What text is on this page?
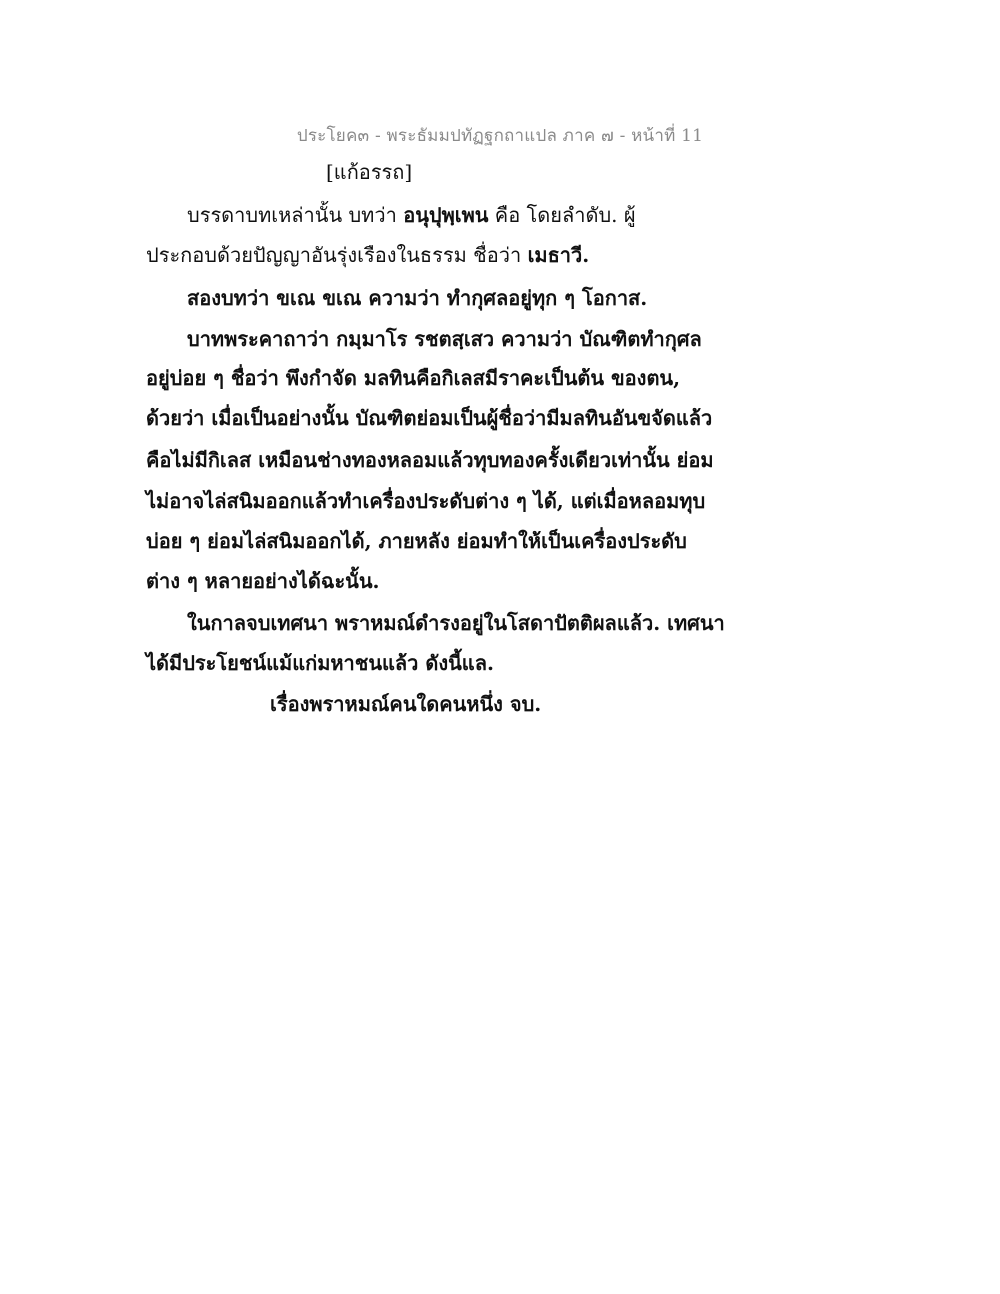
ประโยค๓ - พระธัมมปทัฏฐกถาแปล ภาค ๗ - หน้าที่ 11
[แก้อรรถ]
บรรดาบทเหล่านั้น บทว่า อนุปุพฺเพน คือ โดยลำดับ. ผู้
ประกอบด้วยปัญญาอันรุ่งเรืองในธรรม ชื่อว่า เมธาวี.
สองบทว่า ขเณ ขเณ ความว่า ทำกุศลอยู่ทุก ๆ โอกาส.
บาทพระคาถาว่า กมฺมาโร รชตสฺเสว ความว่า บัณฑิตทำกุศล
อยู่บ่อย ๆ ชื่อว่า พึงกำจัด มลทินคือกิเลสมีราคะเป็นต้น ของตน,
ด้วยว่า เมื่อเป็นอย่างนั้น บัณฑิตย่อมเป็นผู้ชื่อว่ามีมลทินอันขจัดแล้ว
คือไม่มีกิเลส เหมือนช่างทองหลอมแล้วทุบทองครั้งเดียวเท่านั้น ย่อม
ไม่อาจไล่สนิมออกแล้วทำเครื่องประดับต่าง ๆ ได้, แต่เมื่อหลอมทุบ
บ่อย ๆ ย่อมไล่สนิมออกได้, ภายหลัง ย่อมทำให้เป็นเครื่องประดับ
ต่าง ๆ หลายอย่างได้ฉะนั้น.
ในกาลจบเทศนา พราหมณ์ดำรงอยู่ในโสดาปัตติผลแล้ว. เทศนา
ได้มีประโยชน์แม้แก่มหาชนแล้ว ดังนี้แล.
เรื่องพราหมณ์คนใดคนหนึ่ง จบ.
